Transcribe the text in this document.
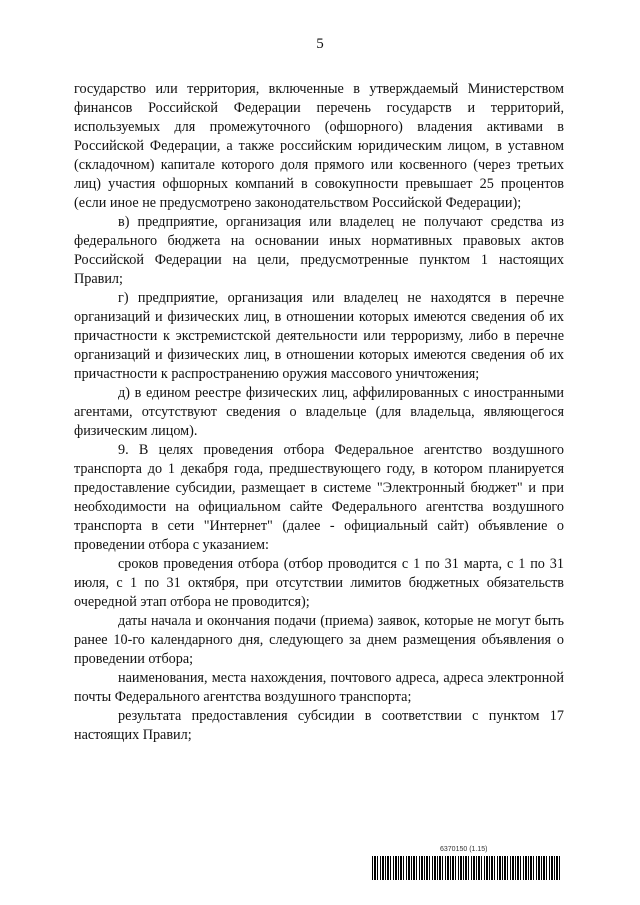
5

государство или территория, включенные в утверждаемый Министерством финансов Российской Федерации перечень государств и территорий, используемых для промежуточного (офшорного) владения активами в Российской Федерации, а также российским юридическим лицом, в уставном (складочном) капитале которого доля прямого или косвенного (через третьих лиц) участия офшорных компаний в совокупности превышает 25 процентов (если иное не предусмотрено законодательством Российской Федерации);

в) предприятие, организация или владелец не получают средства из федерального бюджета на основании иных нормативных правовых актов Российской Федерации на цели, предусмотренные пунктом 1 настоящих Правил;

г) предприятие, организация или владелец не находятся в перечне организаций и физических лиц, в отношении которых имеются сведения об их причастности к экстремистской деятельности или терроризму, либо в перечне организаций и физических лиц, в отношении которых имеются сведения об их причастности к распространению оружия массового уничтожения;

д) в едином реестре физических лиц, аффилированных с иностранными агентами, отсутствуют сведения о владельце (для владельца, являющегося физическим лицом).

9. В целях проведения отбора Федеральное агентство воздушного транспорта до 1 декабря года, предшествующего году, в котором планируется предоставление субсидии, размещает в системе "Электронный бюджет" и при необходимости на официальном сайте Федерального агентства воздушного транспорта в сети "Интернет" (далее - официальный сайт) объявление о проведении отбора с указанием:

сроков проведения отбора (отбор проводится с 1 по 31 марта, с 1 по 31 июля, с 1 по 31 октября, при отсутствии лимитов бюджетных обязательств очередной этап отбора не проводится);

даты начала и окончания подачи (приема) заявок, которые не могут быть ранее 10-го календарного дня, следующего за днем размещения объявления о проведении отбора;

наименования, места нахождения, почтового адреса, адреса электронной почты Федерального агентства воздушного транспорта;

результата предоставления субсидии в соответствии с пунктом 17 настоящих Правил;

6370150 (1.15)
